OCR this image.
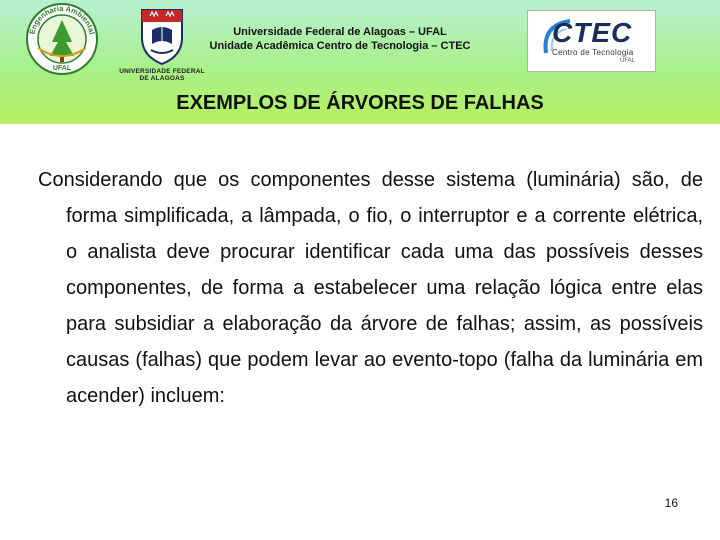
Engenharia Ambiental
UFAL	UNIVERSIDADE FEDERAL
DE ALAGOAS
Universidade Federal de Alagoas – UFAL
Unidade Acadêmica Centro de Tecnologia – CTEC	CTEC
Centro de Tecnologia
UFAL
EXEMPLOS DE ÁRVORES DE FALHAS
Considerando que os componentes desse sistema (luminária) são, de forma simplificada, a lâmpada, o fio, o interruptor e a corrente elétrica, o analista deve procurar identificar cada uma das possíveis desses componentes, de forma a estabelecer uma relação lógica entre elas para subsidiar a elaboração da árvore de falhas; assim, as possíveis causas (falhas) que podem levar ao evento-topo (falha da luminária em acender) incluem:
16
